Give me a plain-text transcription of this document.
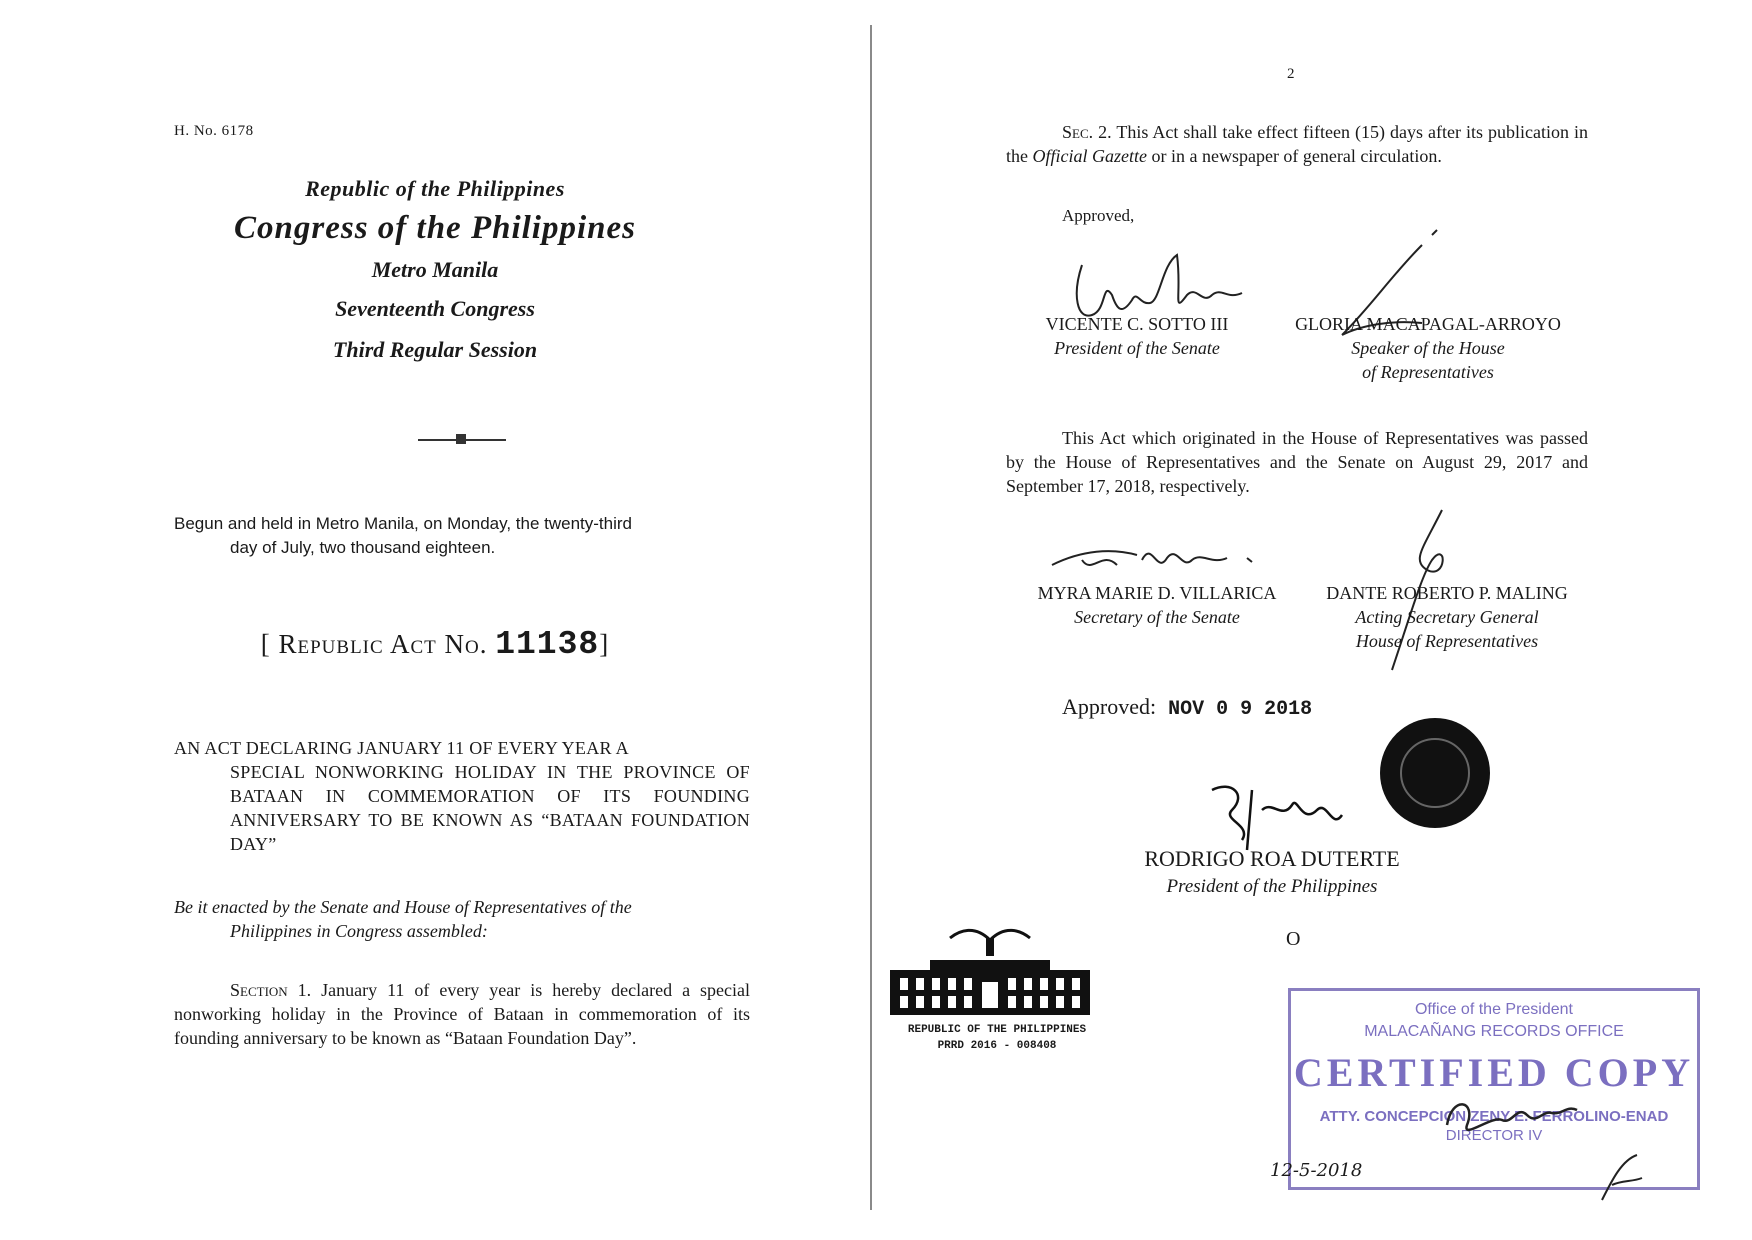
H. No. 6178
Republic of the Philippines
Congress of the Philippines
Metro Manila
Seventeenth Congress
Third Regular Session
Begun and held in Metro Manila, on Monday, the twenty-third
day of July, two thousand eighteen.
[ Republic Act No. 11138]
AN ACT DECLARING JANUARY 11 OF EVERY YEAR A
SPECIAL NONWORKING HOLIDAY IN THE PROVINCE OF BATAAN IN COMMEMORATION OF ITS FOUNDING ANNIVERSARY TO BE KNOWN AS “BATAAN FOUNDATION DAY”
Be it enacted by the Senate and House of Representatives of the
Philippines in Congress assembled:
Section 1. January 11 of every year is hereby declared a special nonworking holiday in the Province of Bataan in commemoration of its founding anniversary to be known as “Bataan Foundation Day”.
2
Sec. 2. This Act shall take effect fifteen (15) days after its publication in the Official Gazette or in a newspaper of general circulation.
Approved,
VICENTE C. SOTTO III
President of the Senate
GLORIA MACAPAGAL-ARROYO
Speaker of the House
of Representatives
This Act which originated in the House of Representatives was passed by the House of Representatives and the Senate on August 29, 2017 and September 17, 2018, respectively.
MYRA MARIE D. VILLARICA
Secretary of the Senate
DANTE ROBERTO P. MALING
Acting Secretary General
House of Representatives
Approved: NOV 0 9 2018
RODRIGO ROA DUTERTE
President of the Philippines
O
REPUBLIC OF THE PHILIPPINES
PRRD 2016 - 008408
Office of the President
MALACAÑANG RECORDS OFFICE
CERTIFIED COPY
ATTY. CONCEPCION ZENY E. FERROLINO-ENAD
DIRECTOR IV
12-5-2018
